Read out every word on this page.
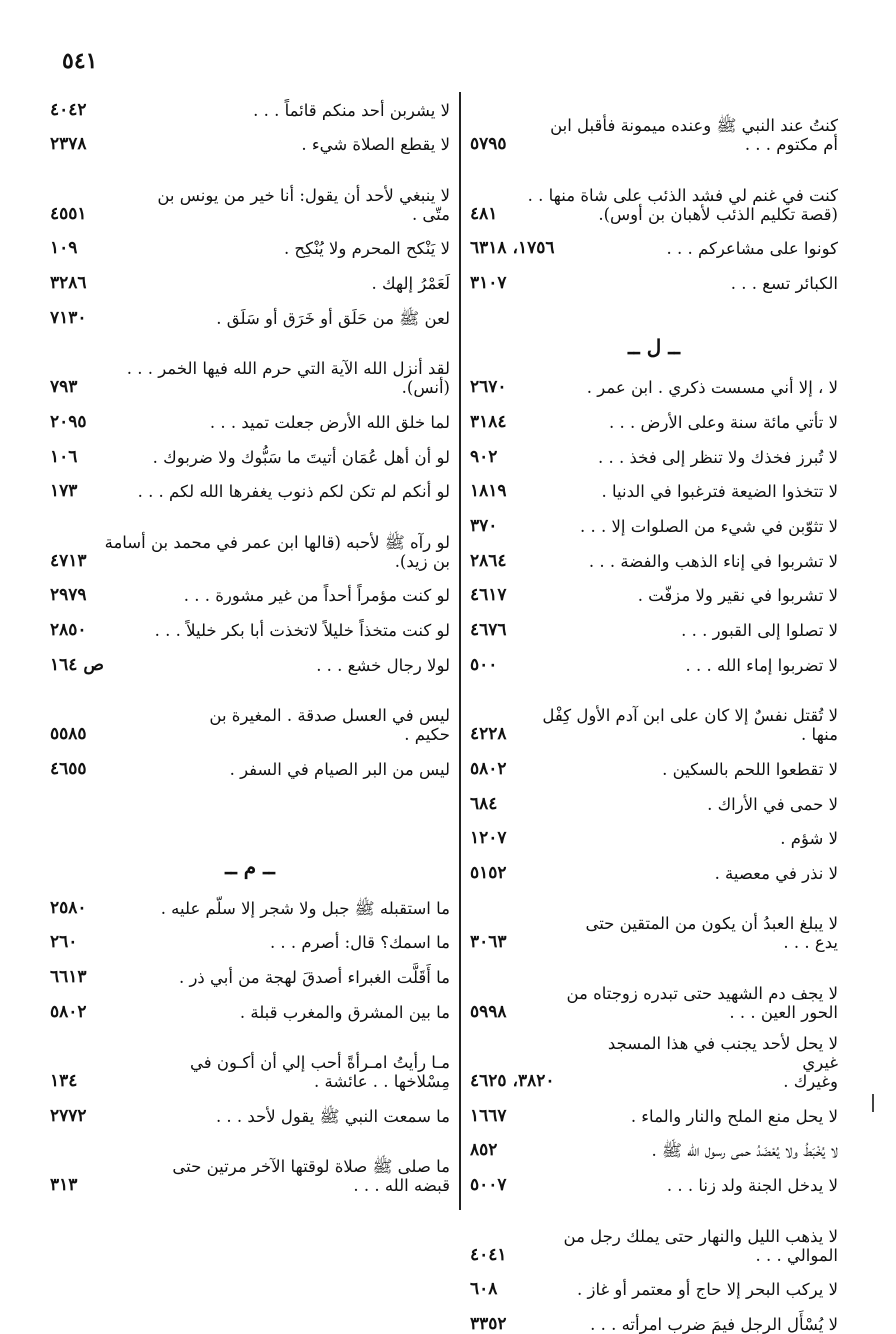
٥٤١
كنتُ عند النبي ﷺ وعنده ميمونة فأقبل ابن
أم مكتوم . . .
٥٧٩٥
كنت في غنم لي فشد الذئب على شاة منها . .
(قصة تكليم الذئب لأهبان بن أوس).
٤٨١
كونوا على مشاعركم . . .
١٧٥٦، ٦٣١٨
الكبائر تسع . . .
٣١٠٧
ــ ل ــ
لا ، إلا أني مسست ذكري . ابن عمر .
٢٦٧٠
لا تأتي مائة سنة وعلى الأرض . . .
٣١٨٤
لا تُبرز فخذك ولا تنظر إلى فخذ . . .
٩٠٢
لا تتخذوا الضيعة فترغبوا في الدنيا .
١٨١٩
لا تثوّبن في شيء من الصلوات إلا . . .
٣٧٠
لا تشربوا في إناء الذهب والفضة . . .
٢٨٦٤
لا تشربوا في نقير ولا مزفّت .
٤٦١٧
لا تصلوا إلى القبور . . .
٤٦٧٦
لا تضربوا إماء الله . . .
٥٠٠
لا تُقتل نفسٌ إلا كان على ابن آدم الأول كِفْل
منها .
٤٢٢٨
لا تقطعوا اللحم بالسكين .
٥٨٠٢
لا حمى في الأراك .
٦٨٤
لا شؤم .
١٢٠٧
لا نذر في معصية .
٥١٥٢
لا يبلغ العبدُ أن يكون من المتقين حتى
يدع . . .
٣٠٦٣
لا يجف دم الشهيد حتى تبدره زوجتاه من
الحور العين . . .
٥٩٩٨
لا يحل لأحد يجنب في هذا المسجد غيري
وغيرك .
٣٨٢٠، ٤٦٢٥
لا يحل منع الملح والنار والماء .
١٦٦٧
لا يُخْبَطُ ولا يُعْضَدُ حمى رسول الله ﷺ .
٨٥٢
لا يدخل الجنة ولد زنا . . .
٥٠٠٧
لا يذهب الليل والنهار حتى يملك رجل من
الموالي . . .
٤٠٤١
لا يركب البحر إلا حاج أو معتمر أو غاز .
٦٠٨
لا يُسْأَل الرجل فيمَ ضرب امرأته . . .
٣٣٥٢
لا يشربن أحد منكم قائماً . . .
٤٠٤٢
لا يقطع الصلاة شيء .
٢٣٧٨
لا ينبغي لأحد أن يقول: أنا خير من يونس بن
متّى .
٤٥٥١
لا يَنْكح المحرم ولا يُنْكِح .
١٠٩
لَعَمْرُ إلهك .
٣٢٨٦
لعن ﷺ من حَلَق أو خَرَق أو سَلَق .
٧١٣٠
لقد أنزل الله الآية التي حرم الله فيها الخمر . . .
(أنس).
٧٩٣
لما خلق الله الأرض جعلت تميد . . .
٢٠٩٥
لو أن أهل عُمَان أتيتَ ما سَبُّوك ولا ضربوك .
١٠٦
لو أنكم لم تكن لكم ذنوب يغفرها الله لكم . . .
١٧٣
لو رآه ﷺ لأحبه (قالها ابن عمر في محمد بن أسامة
بن زيد).
٤٧١٣
لو كنت مؤمراً أحداً من غير مشورة . . .
٢٩٧٩
لو كنت متخذاً خليلاً لاتخذت أبا بكر خليلاً . . .
٢٨٥٠
لولا رجال خشع . . .
ص ١٦٤
ليس في العسل صدقة . المغيرة بن
حكيم .
٥٥٨٥
ليس من البر الصيام في السفر .
٤٦٥٥
ــ م ــ
ما استقبله ﷺ جبل ولا شجر إلا سلّم عليه .
٢٥٨٠
ما اسمك؟ قال: أصرم . . .
٢٦٠
ما أَقَلَّت الغبراء أصدقَ لهجة من أبي ذر .
٦٦١٣
ما بين المشرق والمغرب قبلة .
٥٨٠٢
مـا رأيتُ امـرأةً أحب إلي أن أكـون في
مِسْلاخها . . عائشة .
١٣٤
ما سمعت النبي ﷺ يقول لأحد . . .
٢٧٧٢
ما صلى ﷺ صلاة لوقتها الآخر مرتين حتى
قبضه الله . . .
٣١٣
